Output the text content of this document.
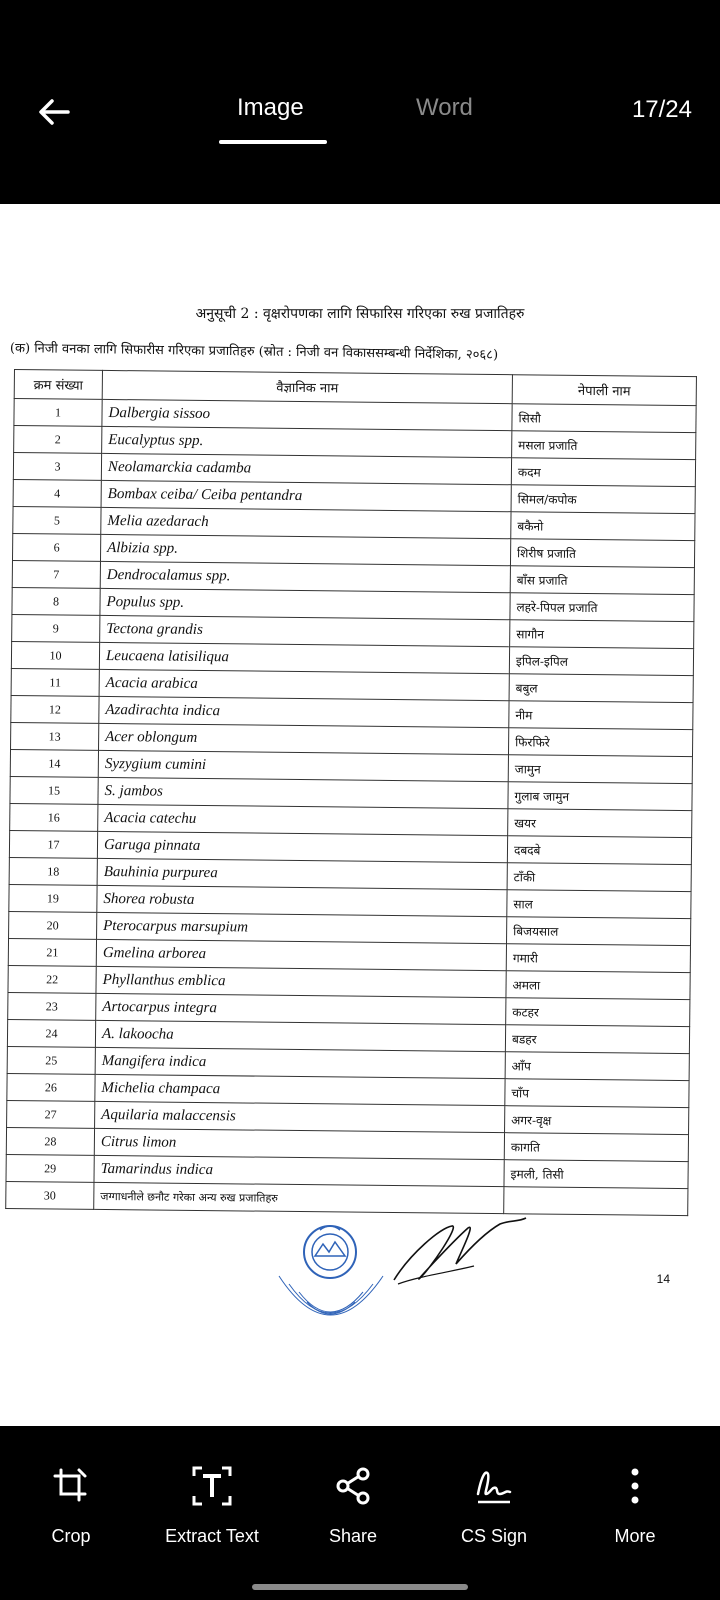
Image	Word	17/24
अनुसूची 2 : वृक्षरोपणका लागि सिफारिस गरिएका रुख प्रजातिहरु
(क) निजी वनका लागि सिफारीस गरिएका प्रजातिहरु (स्रोत : निजी वन विकाससम्बन्धी निर्देशिका, २०६८)
क्रम संख्या	वैज्ञानिक नाम	नेपाली नाम
1	Dalbergia sissoo	सिसौ
2	Eucalyptus spp.	मसला प्रजाति
3	Neolamarckia cadamba	कदम
4	Bombax ceiba/ Ceiba pentandra	सिमल/कपोक
5	Melia azedarach	बकैनो
6	Albizia spp.	शिरीष प्रजाति
7	Dendrocalamus spp.	बाँस प्रजाति
8	Populus spp.	लहरे-पिपल प्रजाति
9	Tectona grandis	सागौन
10	Leucaena latisiliqua	इपिल-इपिल
11	Acacia arabica	बबुल
12	Azadirachta indica	नीम
13	Acer oblongum	फिरफिरे
14	Syzygium cumini	जामुन
15	S. jambos	गुलाब जामुन
16	Acacia catechu	खयर
17	Garuga pinnata	दबदबे
18	Bauhinia purpurea	टाँकी
19	Shorea robusta	साल
20	Pterocarpus marsupium	बिजयसाल
21	Gmelina arborea	गमारी
22	Phyllanthus emblica	अमला
23	Artocarpus integra	कटहर
24	A. lakoocha	बडहर
25	Mangifera indica	आँप
26	Michelia champaca	चाँप
27	Aquilaria malaccensis	अगर-वृक्ष
28	Citrus limon	कागति
29	Tamarindus indica	इमली, तिसी
30	जग्गाधनीले छनौट गरेका अन्य रुख प्रजातिहरु	
14
Crop	Extract Text	Share	CS Sign	More
